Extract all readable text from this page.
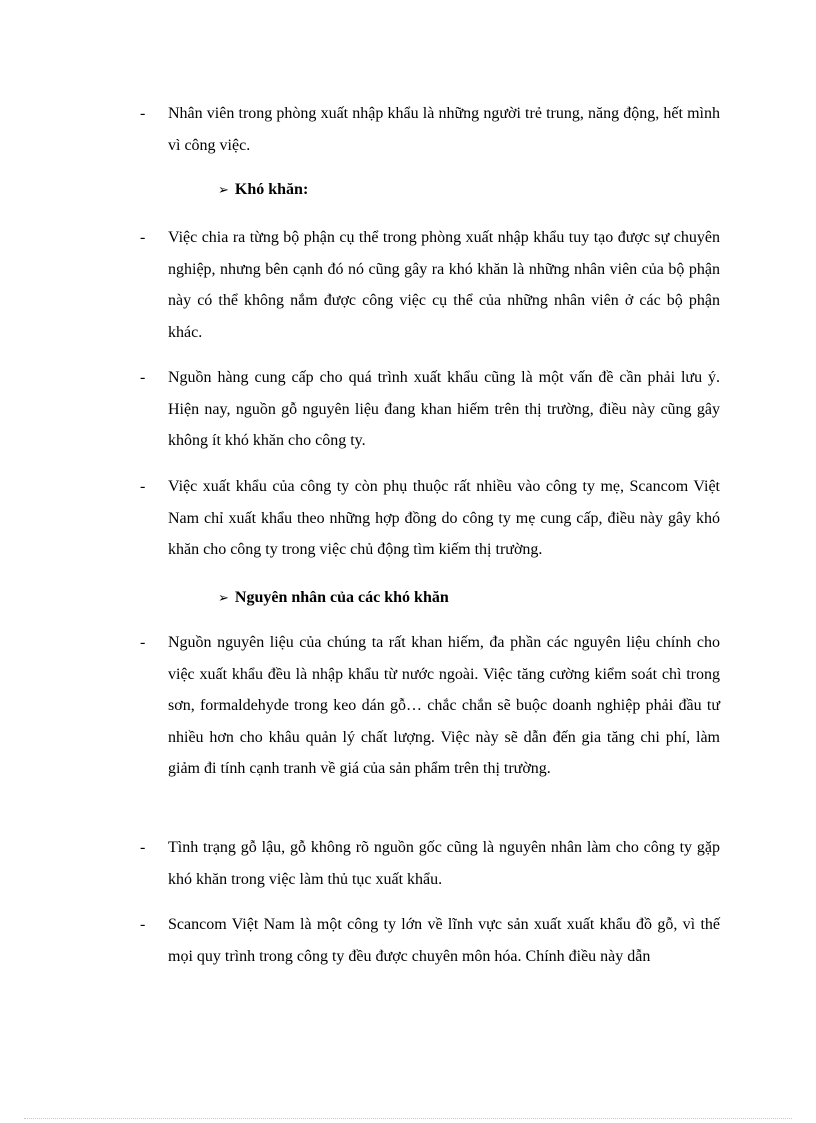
- Nhân viên trong phòng xuất nhập khẩu là những người trẻ trung, năng động, hết mình vì công việc.
➢ Khó khăn:
- Việc chia ra từng bộ phận cụ thể trong phòng xuất nhập khẩu tuy tạo được sự chuyên nghiệp, nhưng bên cạnh đó nó cũng gây ra khó khăn là những nhân viên của bộ phận này có thể không nắm được công việc cụ thể của những nhân viên ở các bộ phận khác.
- Nguồn hàng cung cấp cho quá trình xuất khẩu cũng là một vấn đề cần phải lưu ý. Hiện nay, nguồn gỗ nguyên liệu đang khan hiếm trên thị trường, điều này cũng gây không ít khó khăn cho công ty.
- Việc xuất khẩu của công ty còn phụ thuộc rất nhiều vào công ty mẹ, Scancom Việt Nam chỉ xuất khẩu theo những hợp đồng do công ty mẹ cung cấp, điều này gây khó khăn cho công ty trong việc chủ động tìm kiếm thị trường.
➢ Nguyên nhân của các khó khăn
- Nguồn nguyên liệu của chúng ta rất khan hiếm, đa phần các nguyên liệu chính cho việc xuất khẩu đều là nhập khẩu từ nước ngoài. Việc tăng cường kiểm soát chì trong sơn, formaldehyde trong keo dán gỗ… chắc chắn sẽ buộc doanh nghiệp phải đầu tư nhiều hơn cho khâu quản lý chất lượng. Việc này sẽ dẫn đến gia tăng chi phí, làm giảm đi tính cạnh tranh về giá của sản phẩm trên thị trường.
- Tình trạng gỗ lậu, gỗ không rõ nguồn gốc cũng là nguyên nhân làm cho công ty gặp khó khăn trong việc làm thủ tục xuất khẩu.
- Scancom Việt Nam là một công ty lớn về lĩnh vực sản xuất xuất khẩu đồ gỗ, vì thế mọi quy trình trong công ty đều được chuyên môn hóa. Chính điều này dẫn
